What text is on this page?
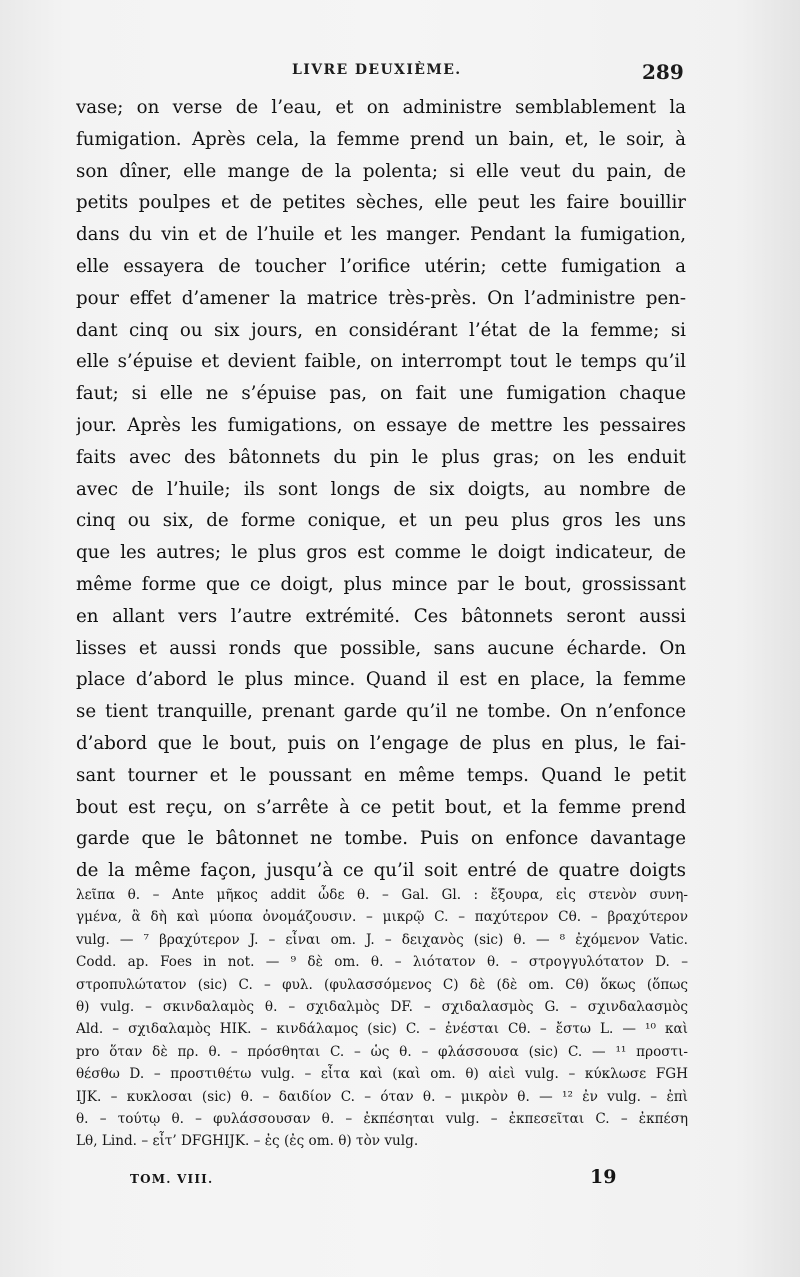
LIVRE DEUXIÈME.	289
vase; on verse de l’eau, et on administre semblablement la
fumigation. Après cela, la femme prend un bain, et, le soir, à
son dîner, elle mange de la polenta; si elle veut du pain, de
petits poulpes et de petites sèches, elle peut les faire bouillir
dans du vin et de l’huile et les manger. Pendant la fumigation,
elle essayera de toucher l’orifice utérin; cette fumigation a
pour effet d’amener la matrice très-près. On l’administre pen-
dant cinq ou six jours, en considérant l’état de la femme; si
elle s’épuise et devient faible, on interrompt tout le temps qu’il
faut; si elle ne s’épuise pas, on fait une fumigation chaque
jour. Après les fumigations, on essaye de mettre les pessaires
faits avec des bâtonnets du pin le plus gras; on les enduit
avec de l’huile; ils sont longs de six doigts, au nombre de
cinq ou six, de forme conique, et un peu plus gros les uns
que les autres; le plus gros est comme le doigt indicateur, de
même forme que ce doigt, plus mince par le bout, grossissant
en allant vers l’autre extrémité. Ces bâtonnets seront aussi
lisses et aussi ronds que possible, sans aucune écharde. On
place d’abord le plus mince. Quand il est en place, la femme
se tient tranquille, prenant garde qu’il ne tombe. On n’enfonce
d’abord que le bout, puis on l’engage de plus en plus, le fai-
sant tourner et le poussant en même temps. Quand le petit
bout est reçu, on s’arrête à ce petit bout, et la femme prend
garde que le bâtonnet ne tombe. Puis on enfonce davantage
de la même façon, jusqu’à ce qu’il soit entré de quatre doigts
λεῖπα θ. – Ante μῆκος addit ὧδε θ. – Gal. Gl. : ἔξουρα, εἰς στενὸν συνη-
γμένα, ἃ δὴ καὶ μύοπα ὀνομάζουσιν. – μικρῷ C. – παχύτερον Cθ. – βραχύτερον
vulg. — ⁷ βραχύτερον J. – εἶναι om. J. – δειχανὸς (sic) θ. — ⁸ ἐχόμενον Vatic.
Codd. ap. Foes in not. — ⁹ δὲ om. θ. – λιότατον θ. – στρογγυλότατον D. –
στροπυλώτατον (sic) C. – φυλ. (φυλασσόμενος C) δὲ (δὲ om. Cθ) ὅκως (ὅπως
θ) vulg. – σκινδαλαμὸς θ. – σχιδαλμὸς DF. – σχιδαλασμὸς G. – σχινδαλασμὸς
Ald. – σχιδαλαμὸς HIK. – κινδάλαμος (sic) C. – ἐνέσται Cθ. – ἔστω L. — ¹⁰ καὶ
pro ὅταν δὲ πρ. θ. – πρόσθηται C. – ὡς θ. – φλάσσουσα (sic) C. — ¹¹ προστι-
θέσθω D. – προστιθέτω vulg. – εἶτα καὶ (καὶ om. θ) αἰεὶ vulg. – κύκλωσε FGH
IJK. – κυκλοσαι (sic) θ. – δαιδίον C. – όταν θ. – μικρὸν θ. — ¹² ἐν vulg. – ἐπὶ
θ. – τούτῳ θ. – φυλάσσουσαν θ. – ἐκπέσηται vulg. – ἐκπεσεῖται C. – ἐκπέση
Lθ, Lind. – εἶτ’ DFGHIJK. – ἐς (ἐς om. θ) τὸν vulg.
TOM. VIII.	19
